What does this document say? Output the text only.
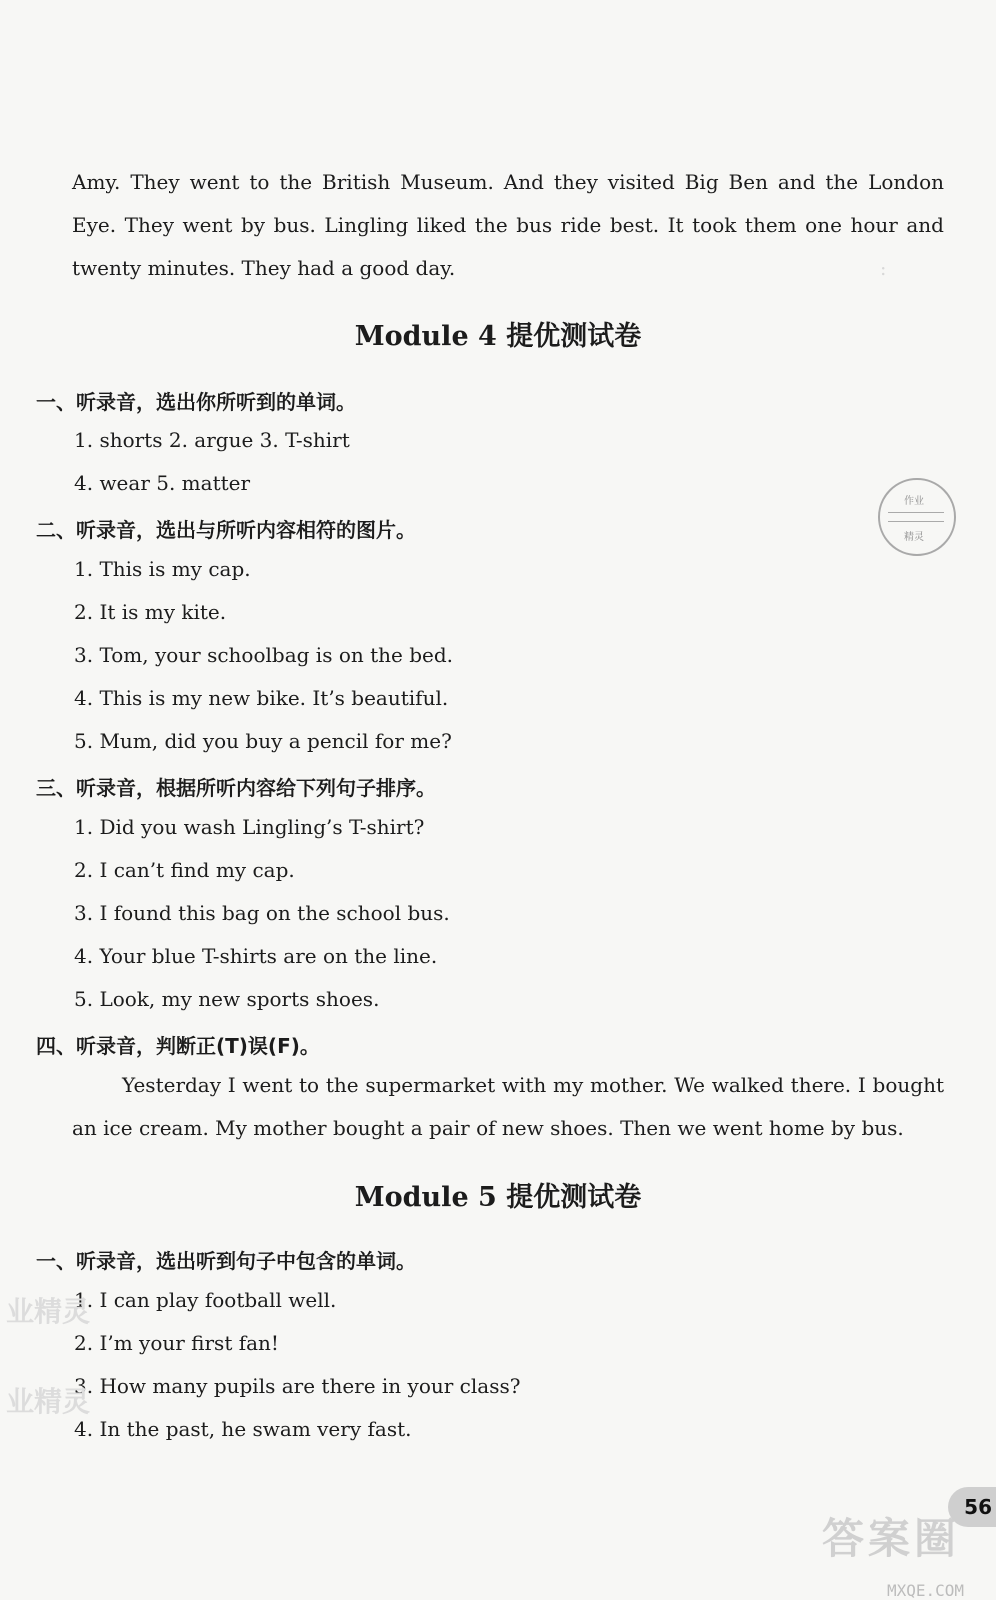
:
Amy. They went to the British Museum. And they visited Big Ben and the London Eye. They went by bus. Lingling liked the bus ride best. It took them one hour and twenty minutes. They had a good day.
Module 4 提优测试卷
一、听录音，选出你所听到的单词。
1. shorts 2. argue 3. T-shirt
4. wear 5. matter
二、听录音，选出与所听内容相符的图片。
1. This is my cap.
2. It is my kite.
3. Tom, your schoolbag is on the bed.
4. This is my new bike. It’s beautiful.
5. Mum, did you buy a pencil for me?
三、听录音，根据所听内容给下列句子排序。
1. Did you wash Lingling’s T-shirt?
2. I can’t find my cap.
3. I found this bag on the school bus.
4. Your blue T-shirts are on the line.
5. Look, my new sports shoes.
四、听录音，判断正(T)误(F)。
Yesterday I went to the supermarket with my mother. We walked there. I bought an ice cream. My mother bought a pair of new shoes. Then we went home by bus.
Module 5 提优测试卷
一、听录音，选出听到句子中包含的单词。
1. I can play football well.
2. I’m your first fan!
3. How many pupils are there in your class?
4. In the past, he swam very fast.
作业
精灵
业精灵
业精灵
56
答案圈
MXQE.COM
